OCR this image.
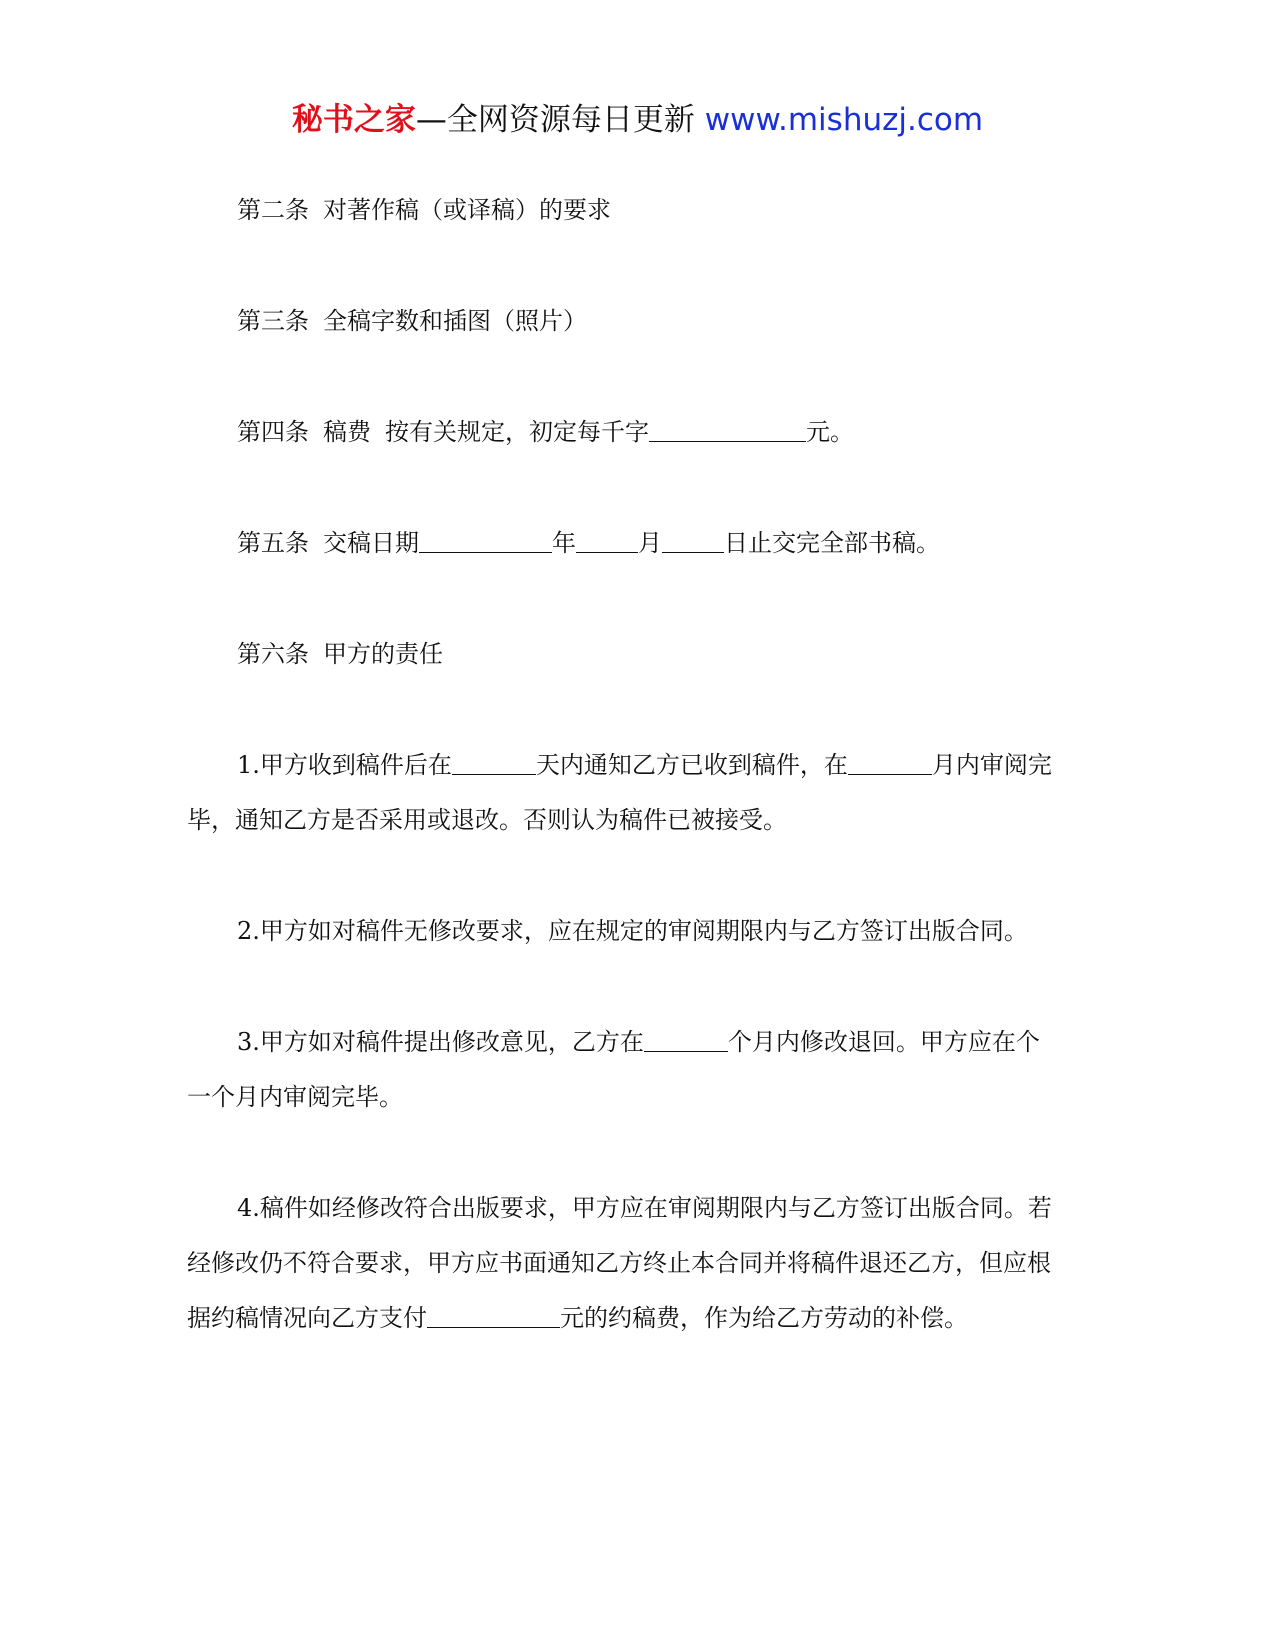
秘书之家—全网资源每日更新 www.mishuzj.com
第二条 对著作稿（或译稿）的要求
第三条 全稿字数和插图（照片）
第四条 稿费 按有关规定，初定每千字	元。
第五条 交稿日期	年	月	日止交完全部书稿。
第六条 甲方的责任
1.甲方收到稿件后在	天内通知乙方已收到稿件，在	月内审阅完
毕，通知乙方是否采用或退改。否则认为稿件已被接受。
2.甲方如对稿件无修改要求，应在规定的审阅期限内与乙方签订出版合同。
3.甲方如对稿件提出修改意见，乙方在	个月内修改退回。甲方应在个
一个月内审阅完毕。
4.稿件如经修改符合出版要求，甲方应在审阅期限内与乙方签订出版合同。若
经修改仍不符合要求，甲方应书面通知乙方终止本合同并将稿件退还乙方，但应根
据约稿情况向乙方支付	元的约稿费，作为给乙方劳动的补偿。
